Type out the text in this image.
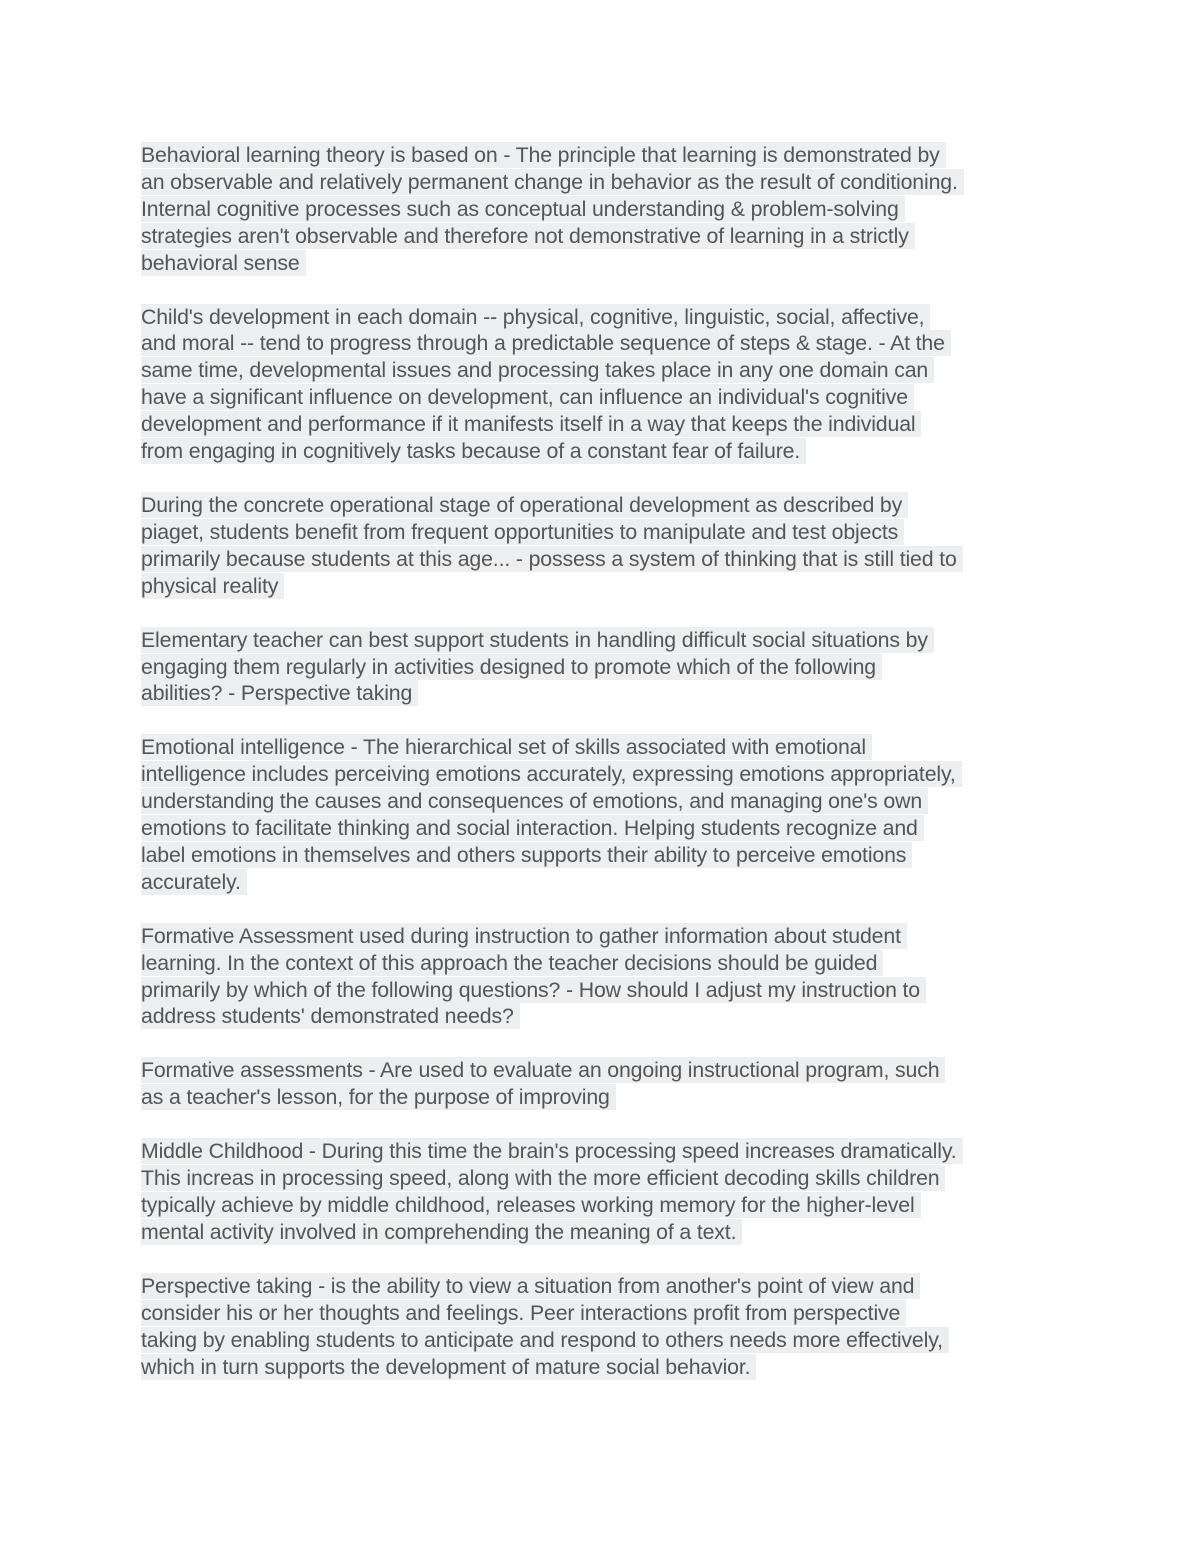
Behavioral learning theory is based on - The principle that learning is demonstrated by
an observable and relatively permanent change in behavior as the result of conditioning.
Internal cognitive processes such as conceptual understanding & problem-solving
strategies aren't observable and therefore not demonstrative of learning in a strictly
behavioral sense

Child's development in each domain -- physical, cognitive, linguistic, social, affective,
and moral -- tend to progress through a predictable sequence of steps & stage. - At the
same time, developmental issues and processing takes place in any one domain can
have a significant influence on development, can influence an individual's cognitive
development and performance if it manifests itself in a way that keeps the individual
from engaging in cognitively tasks because of a constant fear of failure.

During the concrete operational stage of operational development as described by
piaget, students benefit from frequent opportunities to manipulate and test objects
primarily because students at this age... - possess a system of thinking that is still tied to
physical reality

Elementary teacher can best support students in handling difficult social situations by
engaging them regularly in activities designed to promote which of the following
abilities? - Perspective taking

Emotional intelligence - The hierarchical set of skills associated with emotional
intelligence includes perceiving emotions accurately, expressing emotions appropriately,
understanding the causes and consequences of emotions, and managing one's own
emotions to facilitate thinking and social interaction. Helping students recognize and
label emotions in themselves and others supports their ability to perceive emotions
accurately.

Formative Assessment used during instruction to gather information about student
learning. In the context of this approach the teacher decisions should be guided
primarily by which of the following questions? - How should I adjust my instruction to
address students' demonstrated needs?

Formative assessments - Are used to evaluate an ongoing instructional program, such
as a teacher's lesson, for the purpose of improving

Middle Childhood - During this time the brain's processing speed increases dramatically.
This increas in processing speed, along with the more efficient decoding skills children
typically achieve by middle childhood, releases working memory for the higher-level
mental activity involved in comprehending the meaning of a text.

Perspective taking - is the ability to view a situation from another's point of view and
consider his or her thoughts and feelings. Peer interactions profit from perspective
taking by enabling students to anticipate and respond to others needs more effectively,
which in turn supports the development of mature social behavior.
